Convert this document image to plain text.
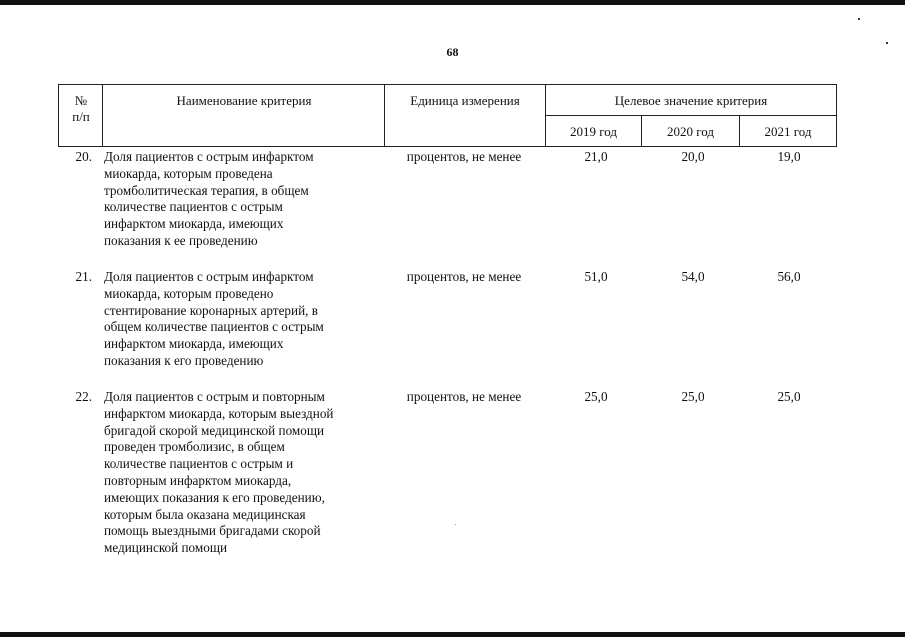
68
№
п/п
Наименование критерия	Единица измерения	Целевое значение критерия
2019 год	2020 год	2021 год
20. Доля пациентов с острым инфарктом
миокарда, которым проведена
тромболитическая терапия, в общем
количестве пациентов с острым
инфарктом миокарда, имеющих
показания к ее проведению
процентов, не менее	21,0	20,0	19,0
21. Доля пациентов с острым инфарктом
миокарда, которым проведено
стентирование коронарных артерий, в
общем количестве пациентов с острым
инфарктом миокарда, имеющих
показания к его проведению
процентов, не менее	51,0	54,0	56,0
22. Доля пациентов с острым и повторным
инфарктом миокарда, которым выездной
бригадой скорой медицинской помощи
проведен тромболизис, в общем
количестве пациентов с острым и
повторным инфарктом миокарда,
имеющих показания к его проведению,
которым была оказана медицинская
помощь выездными бригадами скорой
медицинской помощи
процентов, не менее	25,0	25,0	25,0
